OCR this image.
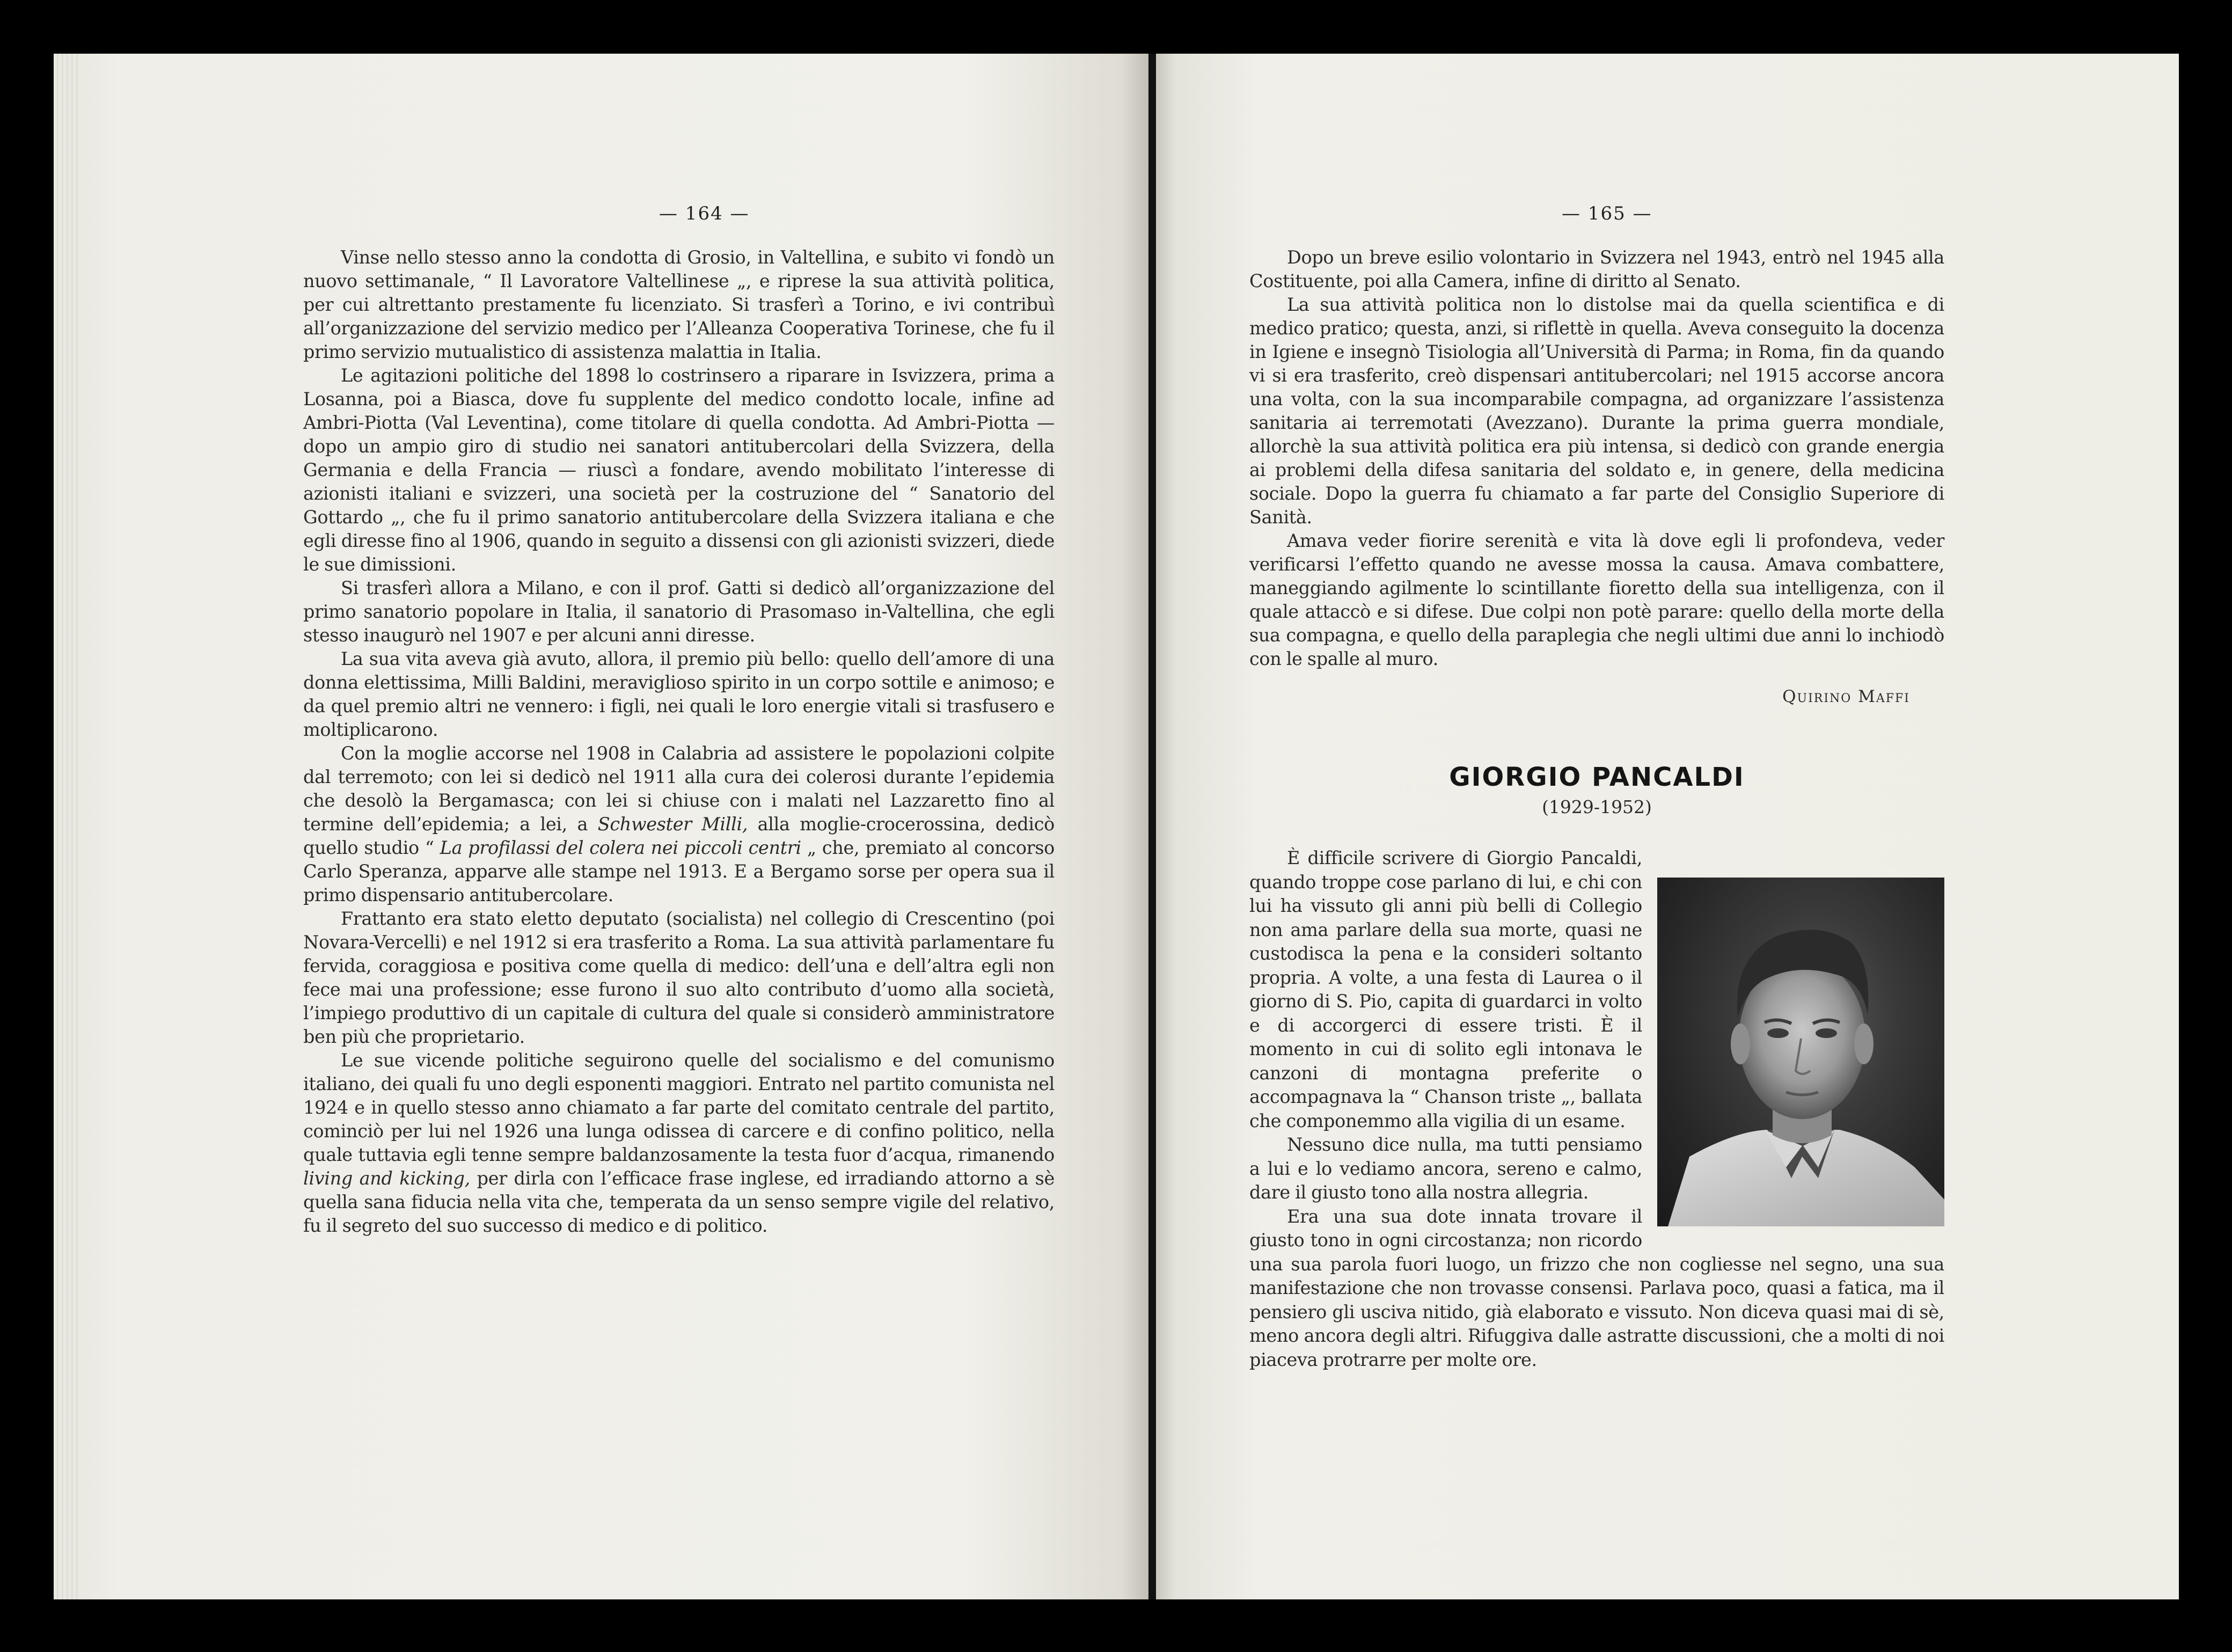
— 164 —

Vinse nello stesso anno la condotta di Grosio, in Valtellina, e subito vi fondò un nuovo settimanale, “ Il Lavoratore Valtellinese „, e riprese la sua attività politica, per cui altrettanto prestamente fu licenziato. Si trasferì a Torino, e ivi contribuì all’organizzazione del servizio medico per l’Alleanza Cooperativa Torinese, che fu il primo servizio mutualistico di assistenza malattia in Italia.

Le agitazioni politiche del 1898 lo costrinsero a riparare in Isvizzera, prima a Losanna, poi a Biasca, dove fu supplente del medico condotto locale, infine ad Ambri-Piotta (Val Leventina), come titolare di quella condotta. Ad Ambri-Piotta — dopo un ampio giro di studio nei sanatori antitubercolari della Svizzera, della Germania e della Francia — riuscì a fondare, avendo mobilitato l’interesse di azionisti italiani e svizzeri, una società per la costruzione del “ Sanatorio del Gottardo „, che fu il primo sanatorio antitubercolare della Svizzera italiana e che egli diresse fino al 1906, quando in seguito a dissensi con gli azionisti svizzeri, diede le sue dimissioni.

Si trasferì allora a Milano, e con il prof. Gatti si dedicò all’organizzazione del primo sanatorio popolare in Italia, il sanatorio di Prasomaso in-Valtellina, che egli stesso inaugurò nel 1907 e per alcuni anni diresse.

La sua vita aveva già avuto, allora, il premio più bello: quello dell’amore di una donna elettissima, Milli Baldini, meraviglioso spirito in un corpo sottile e animoso; e da quel premio altri ne vennero: i figli, nei quali le loro energie vitali si trasfusero e moltiplicarono.

Con la moglie accorse nel 1908 in Calabria ad assistere le popolazioni colpite dal terremoto; con lei si dedicò nel 1911 alla cura dei colerosi durante l’epidemia che desolò la Bergamasca; con lei si chiuse con i malati nel Lazzaretto fino al termine dell’epidemia; a lei, a Schwester Milli, alla moglie-crocerossina, dedicò quello studio “ La profilassi del colera nei piccoli centri „ che, premiato al concorso Carlo Speranza, apparve alle stampe nel 1913. E a Bergamo sorse per opera sua il primo dispensario antitubercolare.

Frattanto era stato eletto deputato (socialista) nel collegio di Crescentino (poi Novara-Vercelli) e nel 1912 si era trasferito a Roma. La sua attività parlamentare fu fervida, coraggiosa e positiva come quella di medico: dell’una e dell’altra egli non fece mai una professione; esse furono il suo alto contributo d’uomo alla società, l’impiego produttivo di un capitale di cultura del quale si considerò amministratore ben più che proprietario.

Le sue vicende politiche seguirono quelle del socialismo e del comunismo italiano, dei quali fu uno degli esponenti maggiori. Entrato nel partito comunista nel 1924 e in quello stesso anno chiamato a far parte del comitato centrale del partito, cominciò per lui nel 1926 una lunga odissea di carcere e di confino politico, nella quale tuttavia egli tenne sempre baldanzosamente la testa fuor d’acqua, rimanendo living and kicking, per dirla con l’efficace frase inglese, ed irradiando attorno a sè quella sana fiducia nella vita che, temperata da un senso sempre vigile del relativo, fu il segreto del suo successo di medico e di politico.

— 165 —

Dopo un breve esilio volontario in Svizzera nel 1943, entrò nel 1945 alla Costituente, poi alla Camera, infine di diritto al Senato.

La sua attività politica non lo distolse mai da quella scientifica e di medico pratico; questa, anzi, si riflettè in quella. Aveva conseguito la docenza in Igiene e insegnò Tisiologia all’Università di Parma; in Roma, fin da quando vi si era trasferito, creò dispensari antitubercolari; nel 1915 accorse ancora una volta, con la sua incomparabile compagna, ad organizzare l’assistenza sanitaria ai terremotati (Avezzano). Durante la prima guerra mondiale, allorchè la sua attività politica era più intensa, si dedicò con grande energia ai problemi della difesa sanitaria del soldato e, in genere, della medicina sociale. Dopo la guerra fu chiamato a far parte del Consiglio Superiore di Sanità.

Amava veder fiorire serenità e vita là dove egli li profondeva, veder verificarsi l’effetto quando ne avesse mossa la causa. Amava combattere, maneggiando agilmente lo scintillante fioretto della sua intelligenza, con il quale attaccò e si difese. Due colpi non potè parare: quello della morte della sua compagna, e quello della paraplegia che negli ultimi due anni lo inchiodò con le spalle al muro.

Quirino Maffi
GIORGIO PANCALDI
(1929-1952)

È difficile scrivere di Giorgio Pancaldi, quando troppe cose parlano di lui, e chi con lui ha vissuto gli anni più belli di Collegio non ama parlare della sua morte, quasi ne custodisca la pena e la consideri soltanto propria. A volte, a una festa di Laurea o il giorno di S. Pio, capita di guardarci in volto e di accorgerci di essere tristi. È il momento in cui di solito egli intonava le canzoni di montagna preferite o accompagnava la “ Chanson triste „, ballata che componemmo alla vigilia di un esame.

Nessuno dice nulla, ma tutti pensiamo a lui e lo vediamo ancora, sereno e calmo, dare il giusto tono alla nostra allegria.

Era una sua dote innata trovare il giusto tono in ogni circostanza; non ricordo una sua parola fuori luogo, un frizzo che non cogliesse nel segno, una sua manifestazione che non trovasse consensi. Parlava poco, quasi a fatica, ma il pensiero gli usciva nitido, già elaborato e vissuto. Non diceva quasi mai di sè, meno ancora degli altri. Rifuggiva dalle astratte discussioni, che a molti di noi piaceva protrarre per molte ore.
